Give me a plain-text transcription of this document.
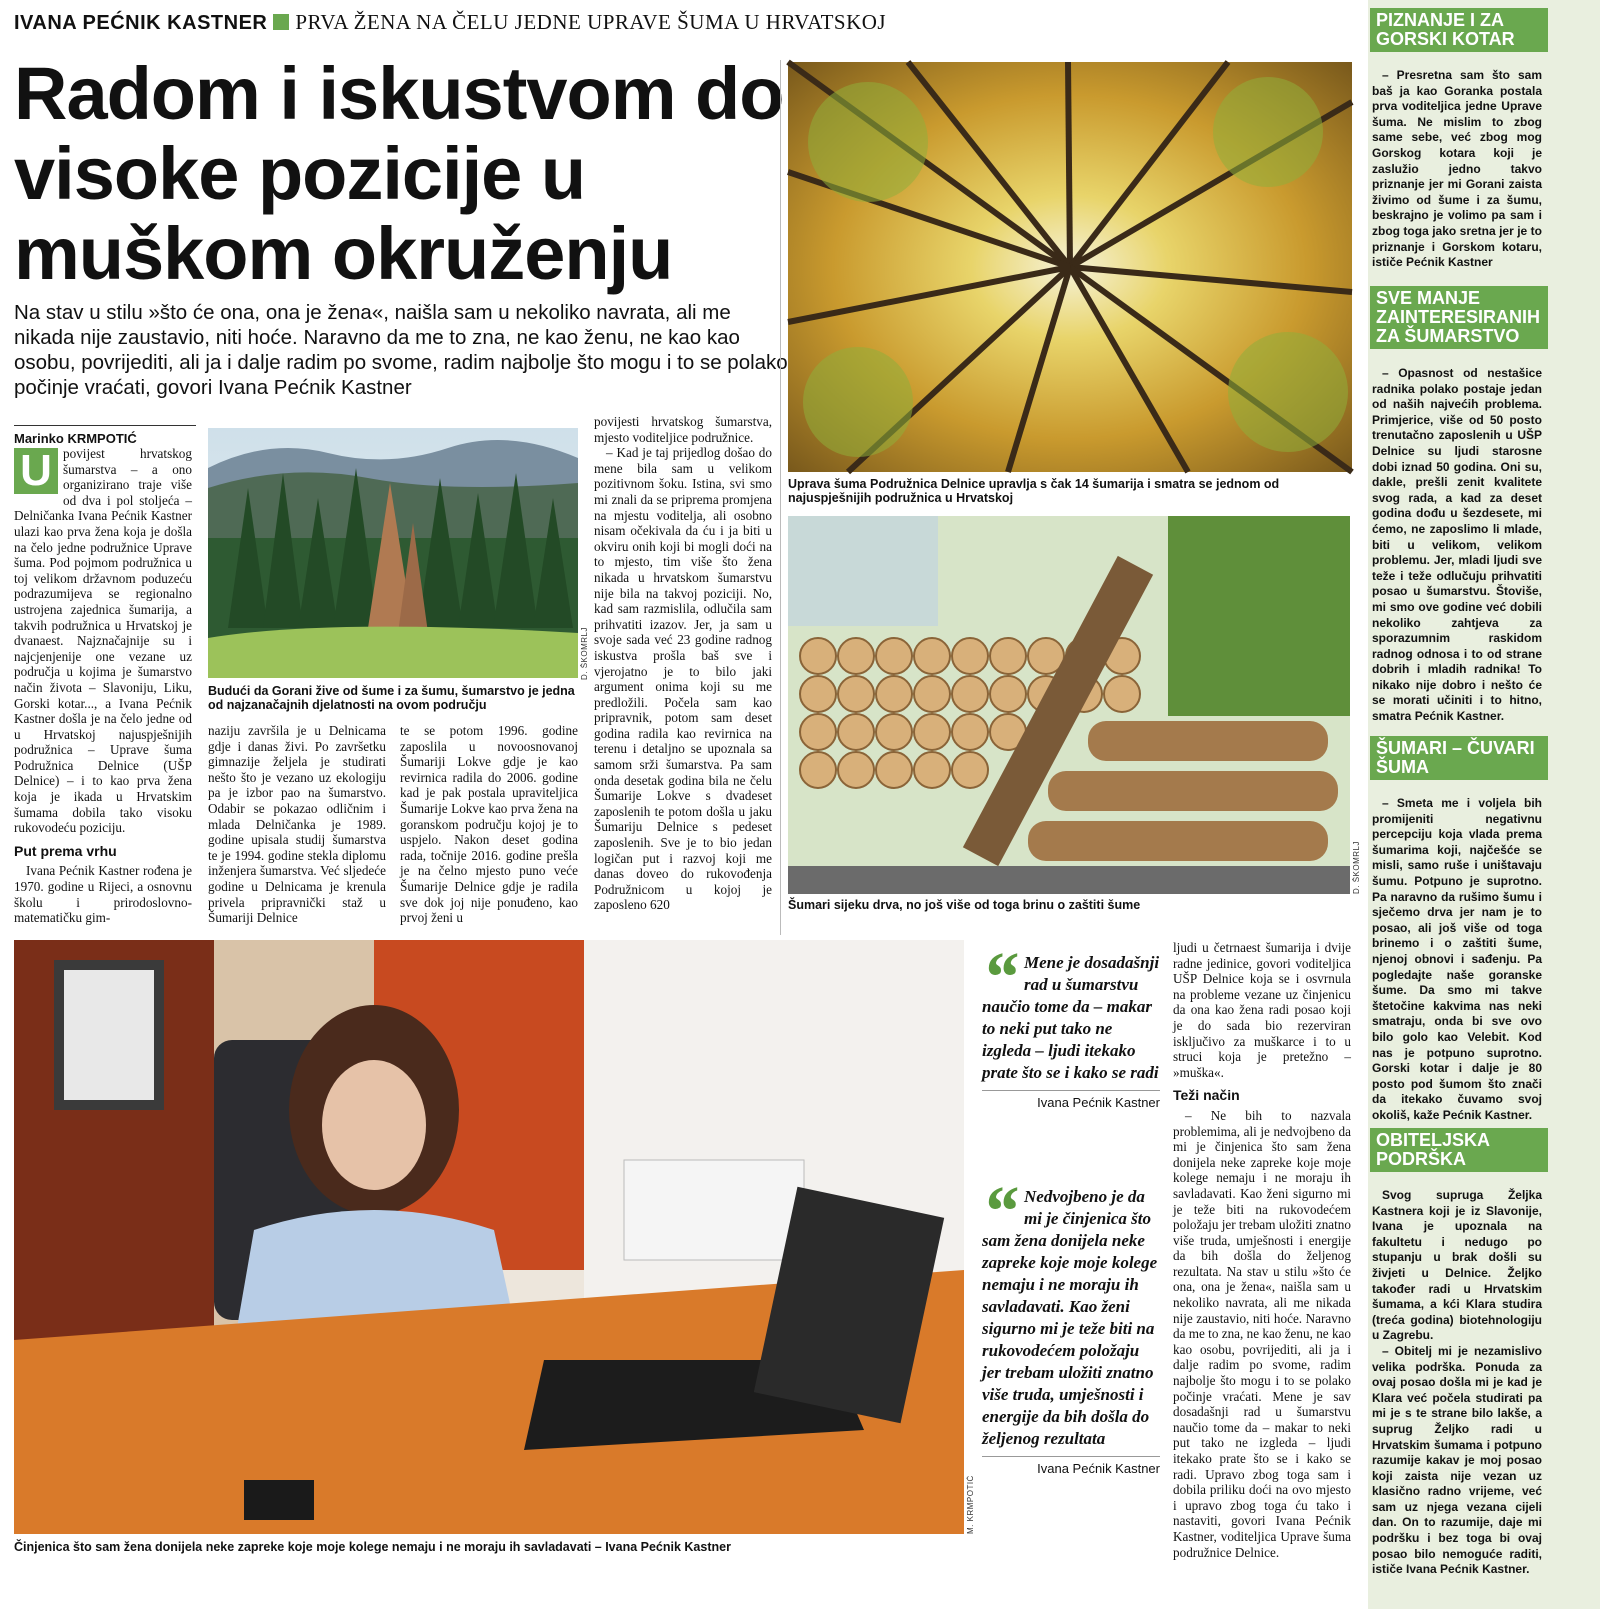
IVANA PEĆNIK KASTNER PRVA ŽENA NA ČELU JEDNE UPRAVE ŠUMA U HRVATSKOJ
Radom i iskustvom do visoke pozicije u muškom okruženju

Na stav u stilu »što će ona, ona je žena«, naišla sam u nekoliko navrata, ali me nikada nije zaustavio, niti hoće. Naravno da me to zna, ne kao ženu, ne kao kao osobu, povrijediti, ali ja i dalje radim po svome, radim najbolje što mogu i to se polako počinje vraćati, govori Ivana Pećnik Kastner

Marinko KRMPOTIĆ
U povijest hrvatskog šumarstva – a ono organizirano traje više od dva i pol stoljeća – Delničanka Ivana Pećnik Kastner ulazi kao prva žena koja je došla na čelo jedne podružnice Uprave šuma. Pod pojmom podružnica u toj velikom državnom poduzeću podrazumijeva se regionalno ustrojena zajednica šumarija, a takvih podružnica u Hrvatskoj je dvanaest. Najznačajnije su i najcjenjenije one vezane uz područja u kojima je šumarstvo način života – Slavoniju, Liku, Gorski kotar..., a Ivana Pećnik Kastner došla je na čelo jedne od u Hrvatskoj najuspješnijih podružnica – Uprave šuma Podružnica Delnice (UŠP Delnice) – i to kao prva žena koja je ikada u Hrvatskim šumama dobila tako visoku rukovodeću poziciju.
Put prema vrhu
Ivana Pećnik Kastner rođena je 1970. godine u Rijeci, a osnovnu školu i prirodoslovno-matematičku gim-
D. ŠKOMRLJ
Budući da Gorani žive od šume i za šumu, šumarstvo je jedna od najzanačajnih djelatnosti na ovom području
naziju završila je u Delnicama gdje i danas živi. Po završetku gimnazije željela je studirati nešto što je vezano uz ekologiju pa je izbor pao na šumarstvo. Odabir se pokazao odličnim i mlada Delničanka je 1989. godine upisala studij šumarstva te je 1994. godine stekla diplomu inženjera šumarstva. Već sljedeće godine u Delnicama je krenula privela pripravnički staž u Šumariji Delnice
te se potom 1996. godine zaposlila u novoosnovanoj Šumariji Lokve gdje je kao revirnica radila do 2006. godine kad je pak postala upraviteljica Šumarije Lokve kao prva žena na goranskom području kojoj je to uspjelo. Nakon deset godina rada, točnije 2016. godine prešla je na čelno mjesto puno veće Šumarije Delnice gdje je radila sve dok joj nije ponuđeno, kao prvoj ženi u
povijesti hrvatskog šumarstva, mjesto voditeljice podružnice.
– Kad je taj prijedlog došao do mene bila sam u velikom pozitivnom šoku. Istina, svi smo mi znali da se priprema promjena na mjestu voditelja, ali osobno nisam očekivala da ću i ja biti u okviru onih koji bi mogli doći na to mjesto, tim više što žena nikada u hrvatskom šumarstvu nije bila na takvoj poziciji. No, kad sam razmislila, odlučila sam prihvatiti izazov. Jer, ja sam u svoje sada već 23 godine radnog iskustva prošla baš sve i vjerojatno je to bilo jaki argument onima koji su me predložili. Počela sam kao pripravnik, potom sam deset godina radila kao revirnica na terenu i detaljno se upoznala sa samom srži šumarstva. Pa sam onda desetak godina bila ne čelu Šumarije Lokve s dvadeset zaposlenih te potom došla u jaku Šumariju Delnice s pedeset zaposlenih. Sve je to bio jedan logičan put i razvoj koji me danas doveo do rukovođenja Podružnicom u kojoj je zaposleno 620
Uprava šuma Podružnica Delnice upravlja s čak 14 šumarija i smatra se jednom od najuspješnijih podružnica u Hrvatskoj
D. ŠKOMRLJ
Šumari sijeku drva, no još više od toga brinu o zaštiti šume
M. KRMPOTIĆ
Činjenica što sam žena donijela neke zapreke koje moje kolege nemaju i ne moraju ih savladavati – Ivana Pećnik Kastner
“ Mene je dosadašnji rad u šumarstvu naučio tome da – makar to neki put tako ne izgleda – ljudi itekako prate što se i kako se radi
Ivana Pećnik Kastner
“ Nedvojbeno je da mi je činjenica što sam žena donijela neke zapreke koje moje kolege nemaju i ne moraju ih savladavati. Kao ženi sigurno mi je teže biti na rukovodećem položaju jer trebam uložiti znatno više truda, umješnosti i energije da bih došla do željenog rezultata
Ivana Pećnik Kastner
ljudi u četrnaest šumarija i dvije radne jedinice, govori voditeljica UŠP Delnice koja se i osvrnula na probleme vezane uz činjenicu da ona kao žena radi posao koji je do sada bio rezerviran isključivo za muškarce i to u struci koja je pretežno – »muška«.
Teži način
– Ne bih to nazvala problemima, ali je nedvojbeno da mi je činjenica što sam žena donijela neke zapreke koje moje kolege nemaju i ne moraju ih savladavati. Kao ženi sigurno mi je teže biti na rukovodećem položaju jer trebam uložiti znatno više truda, umješnosti i energije da bih došla do željenog rezultata. Na stav u stilu »što će ona, ona je žena«, naišla sam u nekoliko navrata, ali me nikada nije zaustavio, niti hoće. Naravno da me to zna, ne kao ženu, ne kao kao osobu, povrijediti, ali ja i dalje radim po svome, radim najbolje što mogu i to se polako počinje vraćati. Mene je sav dosadašnji rad u šumarstvu naučio tome da – makar to neki put tako ne izgleda – ljudi itekako prate što se i kako se radi. Upravo zbog toga sam i dobila priliku doći na ovo mjesto i upravo zbog toga ću tako i nastaviti, govori Ivana Pećnik Kastner, voditeljica Uprave šuma podružnice Delnice.
PIZNANJE I ZA GORSKI KOTAR
– Presretna sam što sam baš ja kao Goranka postala prva voditeljica jedne Uprave šuma. Ne mislim to zbog same sebe, već zbog mog Gorskog kotara koji je zaslužio jedno takvo priznanje jer mi Gorani zaista živimo od šume i za šumu, beskrajno je volimo pa sam i zbog toga jako sretna jer je to priznanje i Gorskom kotaru, ističe Pećnik Kastner
SVE MANJE ZAINTERESIRANIH ZA ŠUMARSTVO
– Opasnost od nestašice radnika polako postaje jedan od naših najvećih problema. Primjerice, više od 50 posto trenutačno zaposlenih u UŠP Delnice su ljudi starosne dobi iznad 50 godina. Oni su, dakle, prešli zenit kvalitete svog rada, a kad za deset godina dođu u šezdesete, mi ćemo, ne zaposlimo li mlade, biti u velikom, velikom problemu. Jer, mladi ljudi sve teže i teže odlučuju prihvatiti posao u šumarstvu. Štoviše, mi smo ove godine već dobili nekoliko zahtjeva za sporazumnim raskidom radnog odnosa i to od strane dobrih i mladih radnika! To nikako nije dobro i nešto će se morati učiniti i to hitno, smatra Pećnik Kastner.
ŠUMARI – ČUVARI ŠUMA
– Smeta me i voljela bih promijeniti negativnu percepciju koja vlada prema šumarima koji, najčešće se misli, samo ruše i uništavaju šumu. Potpuno je suprotno. Pa naravno da rušimo šumu i sječemo drva jer nam je to posao, ali još više od toga brinemo i o zaštiti šume, njenoj obnovi i sađenju. Pa pogledajte naše goranske šume. Da smo mi takve štetočine kakvima nas neki smatraju, onda bi sve ovo bilo golo kao Velebit. Kod nas je potpuno suprotno. Gorski kotar i dalje je 80 posto pod šumom što znači da itekako čuvamo svoj okoliš, kaže Pećnik Kastner.
OBITELJSKA PODRŠKA
Svog supruga Željka Kastnera koji je iz Slavonije, Ivana je upoznala na fakultetu i nedugo po stupanju u brak došli su živjeti u Delnice. Željko također radi u Hrvatskim šumama, a kći Klara studira (treća godina) biotehnologiju u Zagrebu.
– Obitelj mi je nezamislivo velika podrška. Ponuda za ovaj posao došla mi je kad je Klara već počela studirati pa mi je s te strane bilo lakše, a suprug Željko radi u Hrvatskim šumama i potpuno razumije kakav je moj posao koji zaista nije vezan uz klasično radno vrijeme, već sam uz njega vezana cijeli dan. On to razumije, daje mi podršku i bez toga bi ovaj posao bilo nemoguće raditi, ističe Ivana Pećnik Kastner.
